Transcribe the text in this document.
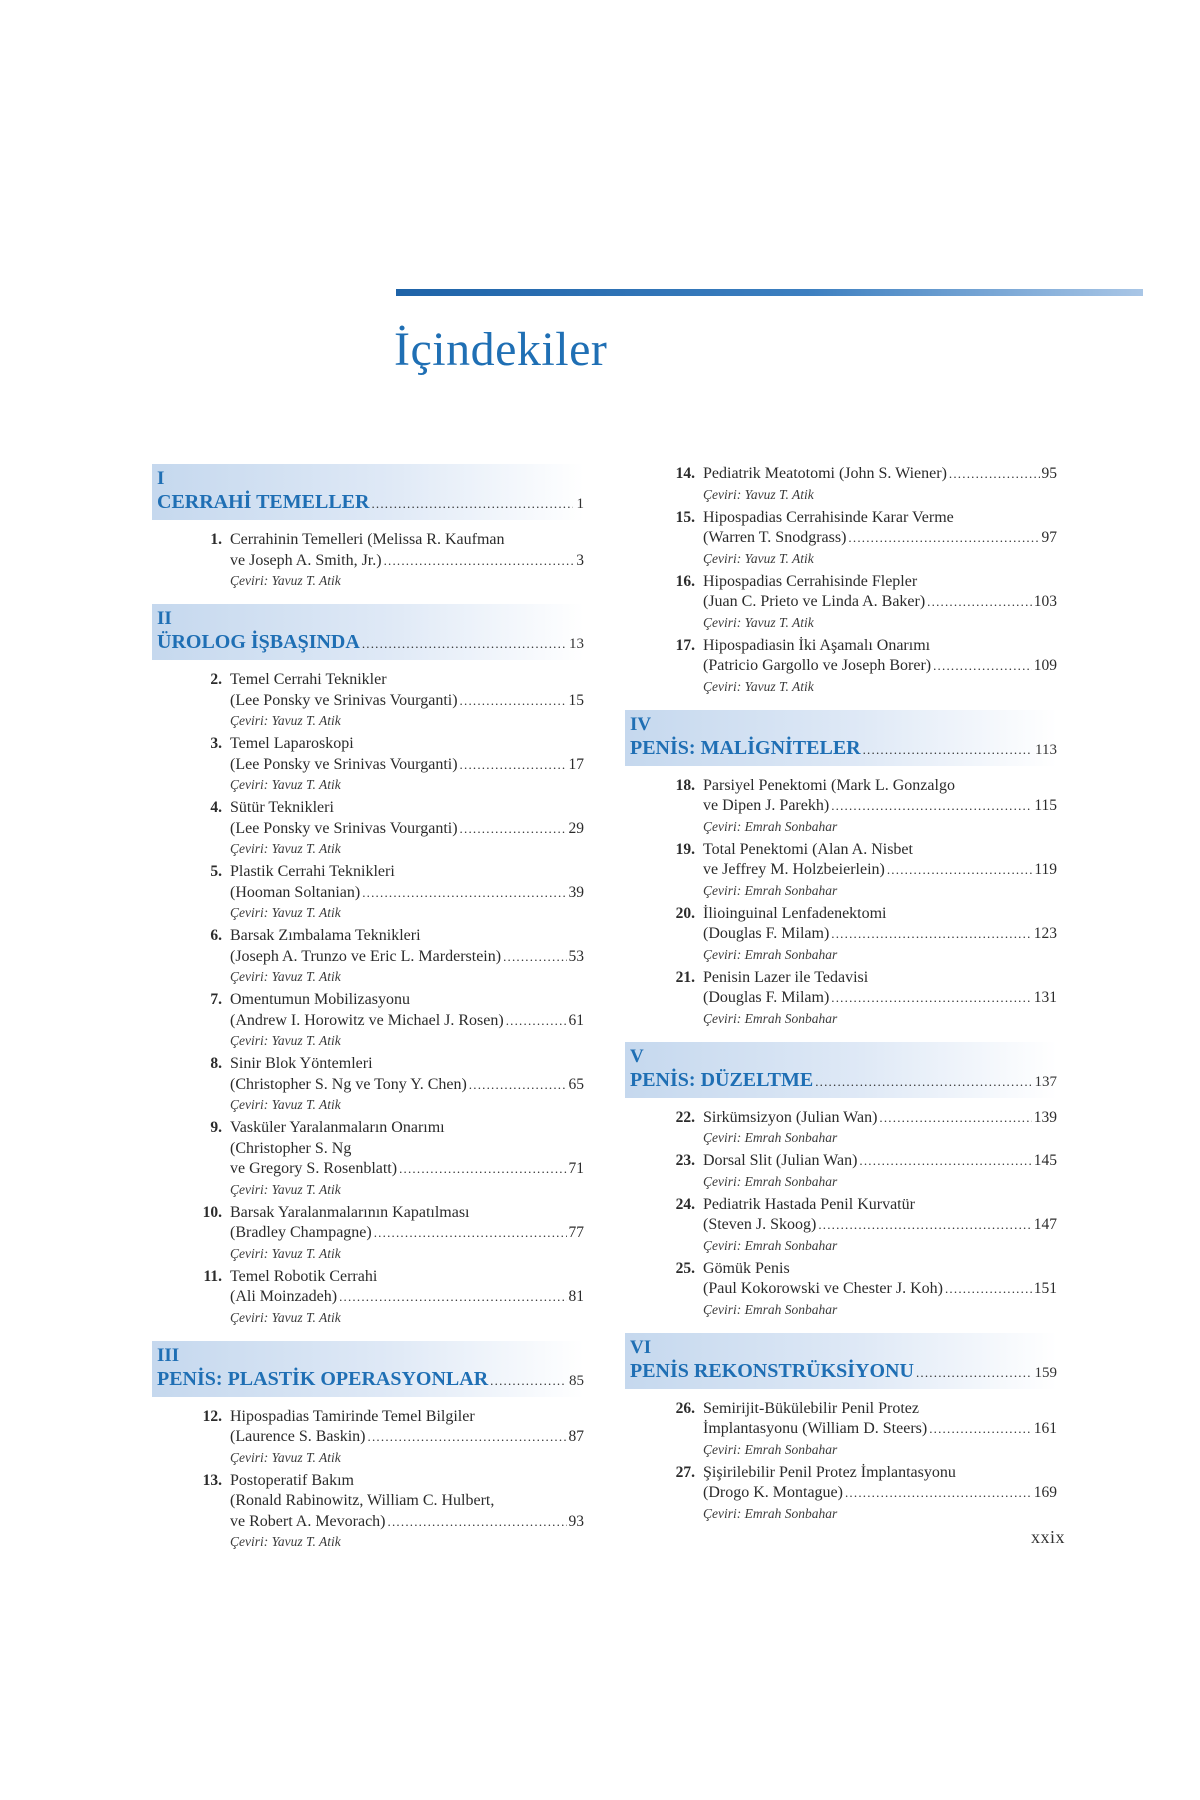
İçindekiler
I
CERRAHİ TEMELLER .....	1
1. Cerrahinin Temelleri (Melissa R. Kaufman
ve Joseph A. Smith, Jr.) .....	3
Çeviri: Yavuz T. Atik
II
ÜROLOG İŞBAŞINDA .....	13
2. Temel Cerrahi Teknikler
(Lee Ponsky ve Srinivas Vourganti) .....	15
Çeviri: Yavuz T. Atik
3. Temel Laparoskopi
(Lee Ponsky ve Srinivas Vourganti) .....	17
Çeviri: Yavuz T. Atik
4. Sütür Teknikleri
(Lee Ponsky ve Srinivas Vourganti) .....	29
Çeviri: Yavuz T. Atik
5. Plastik Cerrahi Teknikleri
(Hooman Soltanian) .....	39
Çeviri: Yavuz T. Atik
6. Barsak Zımbalama Teknikleri
(Joseph A. Trunzo ve Eric L. Marderstein) .....	53
Çeviri: Yavuz T. Atik
7. Omentumun Mobilizasyonu
(Andrew I. Horowitz ve Michael J. Rosen) .....	61
Çeviri: Yavuz T. Atik
8. Sinir Blok Yöntemleri
(Christopher S. Ng ve Tony Y. Chen) .....	65
Çeviri: Yavuz T. Atik
9. Vasküler Yaralanmaların Onarımı
(Christopher S. Ng
ve Gregory S. Rosenblatt) .....	71
Çeviri: Yavuz T. Atik
10. Barsak Yaralanmalarının Kapatılması
(Bradley Champagne) .....	77
Çeviri: Yavuz T. Atik
11. Temel Robotik Cerrahi
(Ali Moinzadeh) .....	81
Çeviri: Yavuz T. Atik
III
PENİS: PLASTİK OPERASYONLAR .....	85
12. Hipospadias Tamirinde Temel Bilgiler
(Laurence S. Baskin) .....	87
Çeviri: Yavuz T. Atik
13. Postoperatif Bakım
(Ronald Rabinowitz, William C. Hulbert,
ve Robert A. Mevorach) .....	93
Çeviri: Yavuz T. Atik
14. Pediatrik Meatotomi (John S. Wiener) .....	95
Çeviri: Yavuz T. Atik
15. Hipospadias Cerrahisinde Karar Verme
(Warren T. Snodgrass) .....	97
Çeviri: Yavuz T. Atik
16. Hipospadias Cerrahisinde Flepler
(Juan C. Prieto ve Linda A. Baker) .....	103
Çeviri: Yavuz T. Atik
17. Hipospadiasin İki Aşamalı Onarımı
(Patricio Gargollo ve Joseph Borer) .....	109
Çeviri: Yavuz T. Atik
IV
PENİS: MALİGNİTELER .....	113
18. Parsiyel Penektomi (Mark L. Gonzalgo
ve Dipen J. Parekh) .....	115
Çeviri: Emrah Sonbahar
19. Total Penektomi (Alan A. Nisbet
ve Jeffrey M. Holzbeierlein) .....	119
Çeviri: Emrah Sonbahar
20. İlioinguinal Lenfadenektomi
(Douglas F. Milam) .....	123
Çeviri: Emrah Sonbahar
21. Penisin Lazer ile Tedavisi
(Douglas F. Milam) .....	131
Çeviri: Emrah Sonbahar
V
PENİS: DÜZELTME .....	137
22. Sirkümsizyon (Julian Wan) .....	139
Çeviri: Emrah Sonbahar
23. Dorsal Slit (Julian Wan) .....	145
Çeviri: Emrah Sonbahar
24. Pediatrik Hastada Penil Kurvatür
(Steven J. Skoog) .....	147
Çeviri: Emrah Sonbahar
25. Gömük Penis
(Paul Kokorowski ve Chester J. Koh) .....	151
Çeviri: Emrah Sonbahar
VI
PENİS REKONSTRÜKSİYONU .....	159
26. Semirijit-Bükülebilir Penil Protez
İmplantasyonu (William D. Steers) .....	161
Çeviri: Emrah Sonbahar
27. Şişirilebilir Penil Protez İmplantasyonu
(Drogo K. Montague) .....	169
Çeviri: Emrah Sonbahar
xxix
